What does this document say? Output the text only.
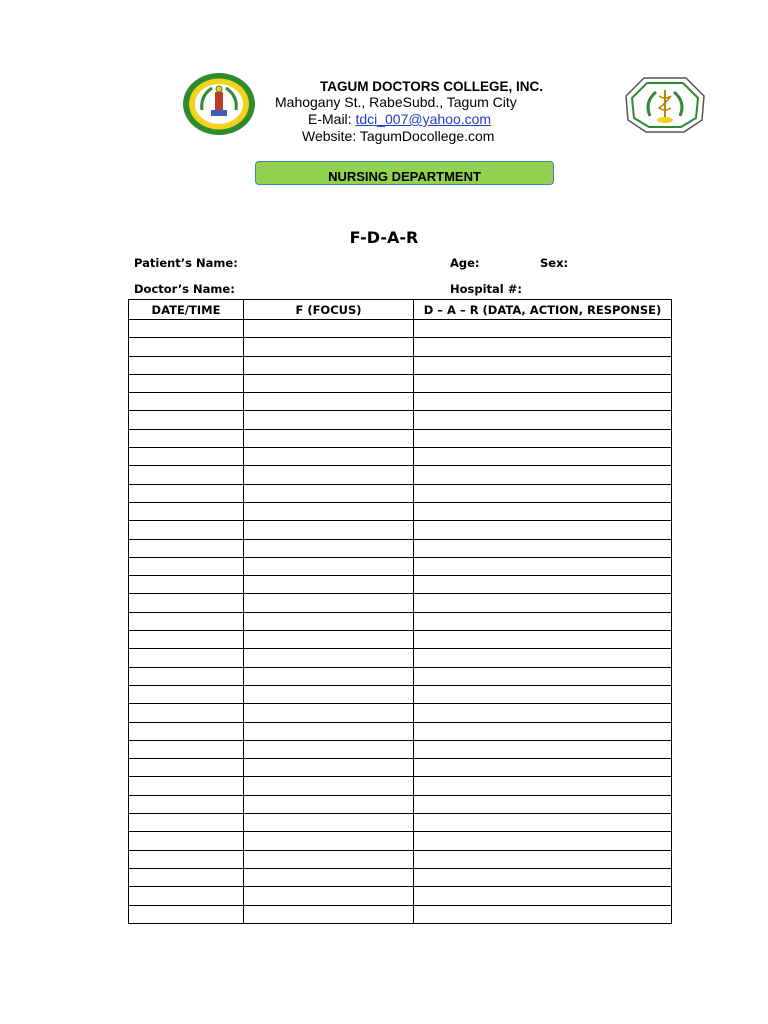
TAGUM DOCTORS COLLEGE, INC.
Mahogany St., RabeSubd., Tagum City
E-Mail: tdci_007@yahoo.com
Website: TagumDocollege.com
NURSING DEPARTMENT
F-D-A-R
Patient’s Name:	Age:	Sex:
Doctor’s Name:	Hospital #:
DATE/TIME	F (FOCUS)	D – A – R (DATA, ACTION, RESPONSE)
